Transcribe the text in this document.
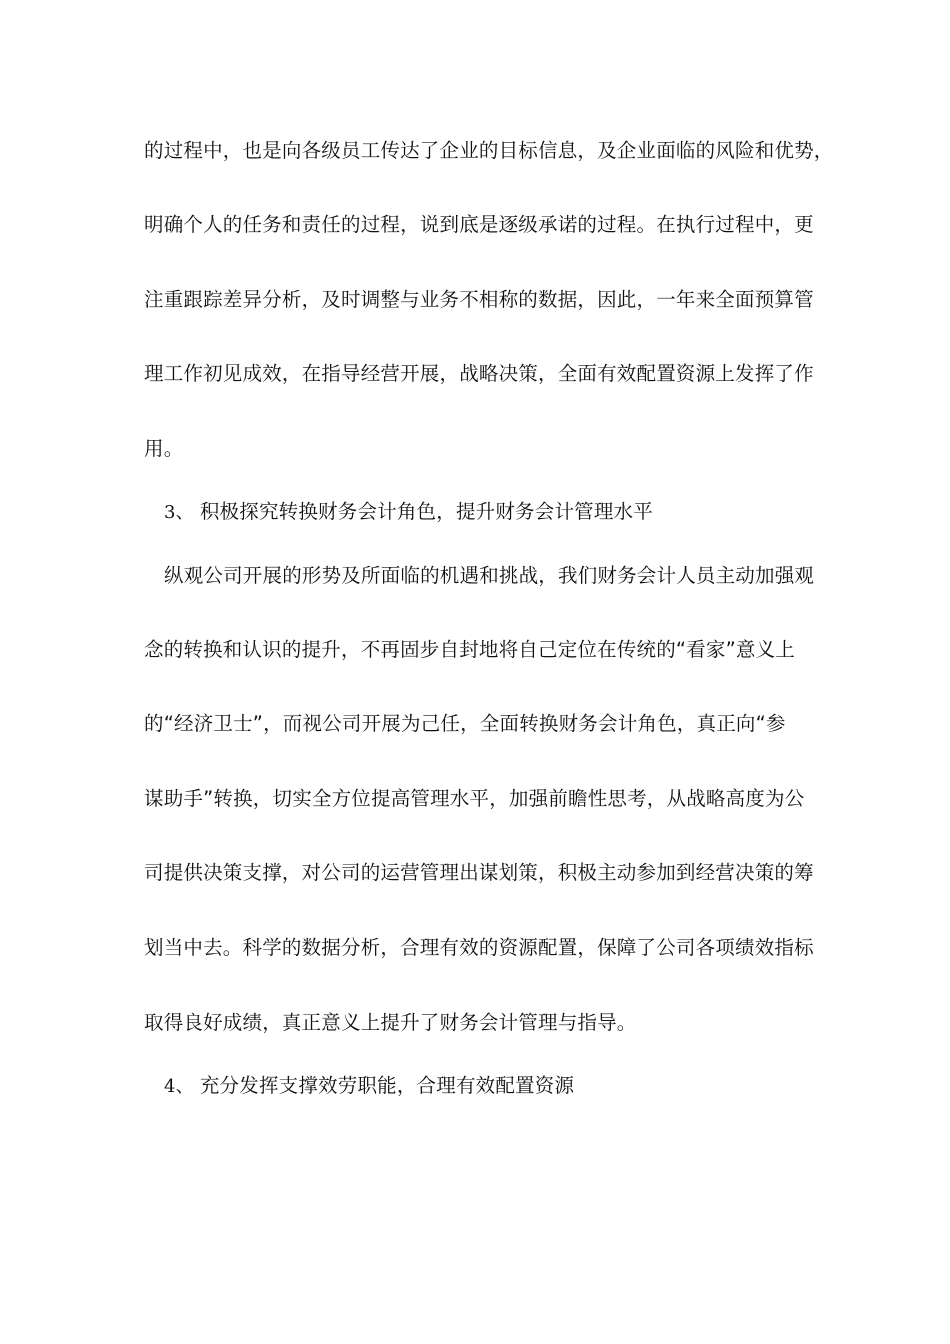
的过程中，也是向各级员工传达了企业的目标信息，及企业面临的风险和优势，
明确个人的任务和责任的过程，说到底是逐级承诺的过程。在执行过程中，更
注重跟踪差异分析，及时调整与业务不相称的数据，因此，一年来全面预算管
理工作初见成效，在指导经营开展，战略决策，全面有效配置资源上发挥了作
用。
3、 积极探究转换财务会计角色，提升财务会计管理水平
纵观公司开展的形势及所面临的机遇和挑战，我们财务会计人员主动加强观
念的转换和认识的提升，不再固步自封地将自己定位在传统的“看家”意义上
的“经济卫士”，而视公司开展为己任，全面转换财务会计角色，真正向“参
谋助手”转换，切实全方位提高管理水平，加强前瞻性思考，从战略高度为公
司提供决策支撑，对公司的运营管理出谋划策，积极主动参加到经营决策的筹
划当中去。科学的数据分析，合理有效的资源配置，保障了公司各项绩效指标
取得良好成绩，真正意义上提升了财务会计管理与指导。
4、 充分发挥支撑效劳职能，合理有效配置资源
